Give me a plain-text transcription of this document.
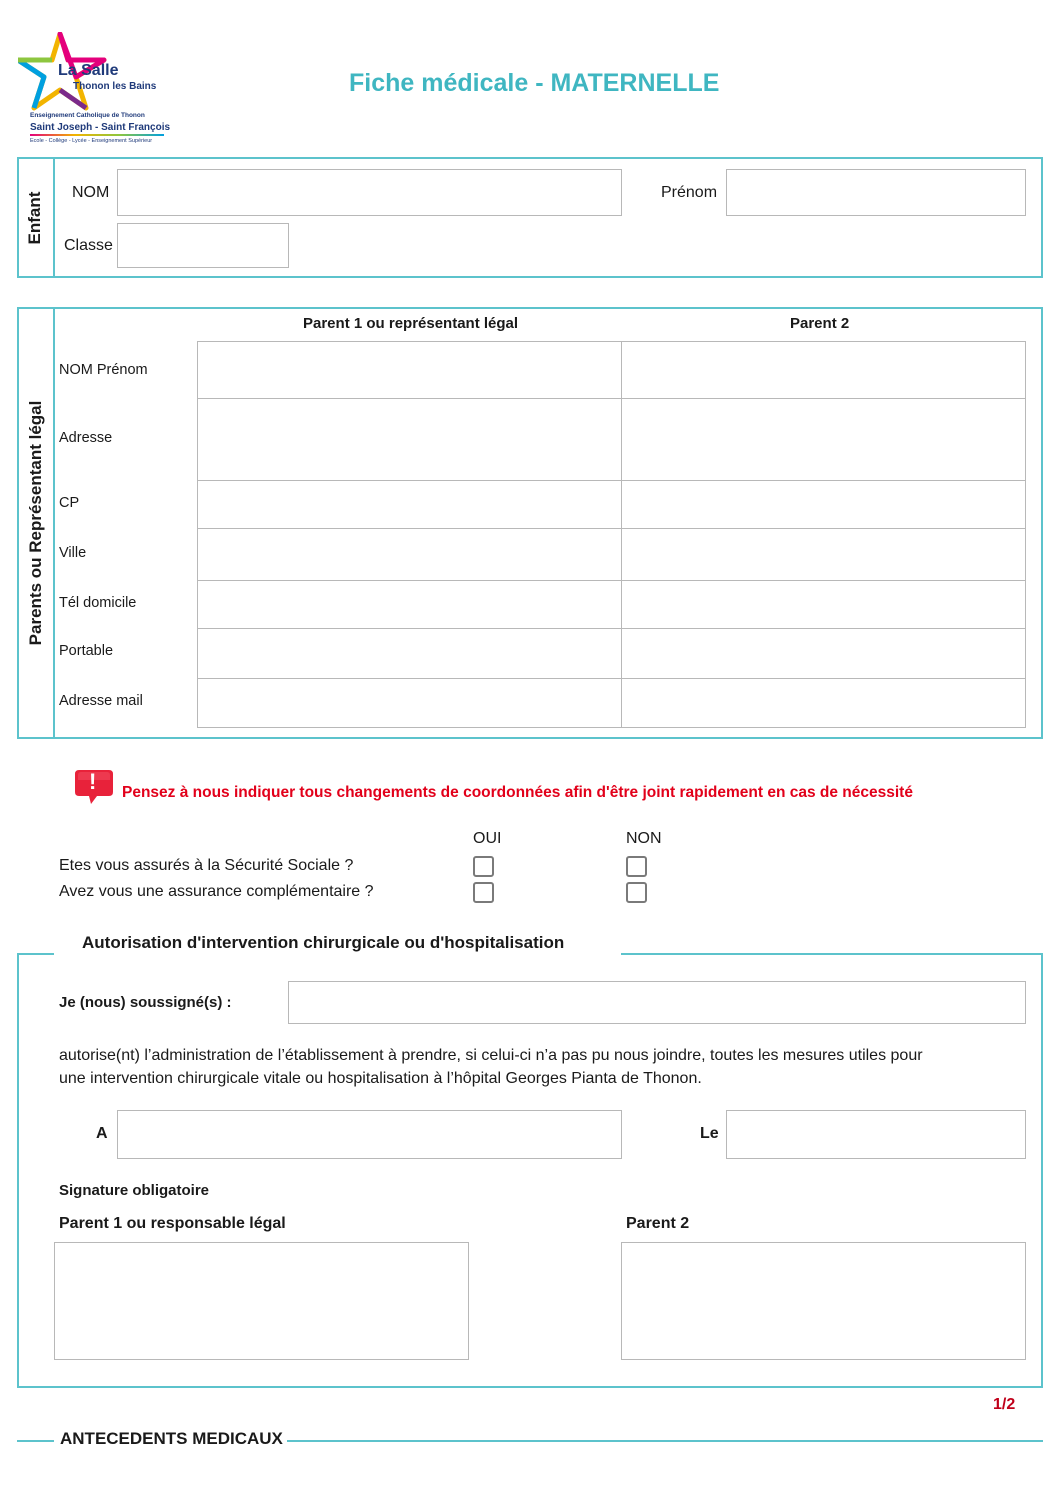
La Salle
Thonon les Bains
Enseignement Catholique de Thonon
Saint Joseph - Saint François
Ecole - Collège - Lycée - Enseignement Supérieur
Fiche médicale - MATERNELLE
Enfant NOM	Prénom
Classe
Parents ou Représentant légal
Parent 1 ou représentant légal	Parent 2

NOM Prénom
Adresse
CP
Ville
Tél domicile
Portable
Adresse mail
! Pensez à nous indiquer tous changements de coordonnées afin d'être joint rapidement en cas de nécessité
OUI	NON
Etes vous assurés à la Sécurité Sociale ?
Avez vous une assurance complémentaire ?
Autorisation d'intervention chirurgicale ou d'hospitalisation
Je (nous) soussigné(s) :
autorise(nt) l’administration de l’établissement à prendre, si celui-ci n’a pas pu nous joindre, toutes les mesures utiles pour
une intervention chirurgicale vitale ou hospitalisation à l’hôpital Georges Pianta de Thonon.
A	Le
Signature obligatoire
Parent 1 ou responsable légal	Parent 2
1/2
ANTECEDENTS MEDICAUX
